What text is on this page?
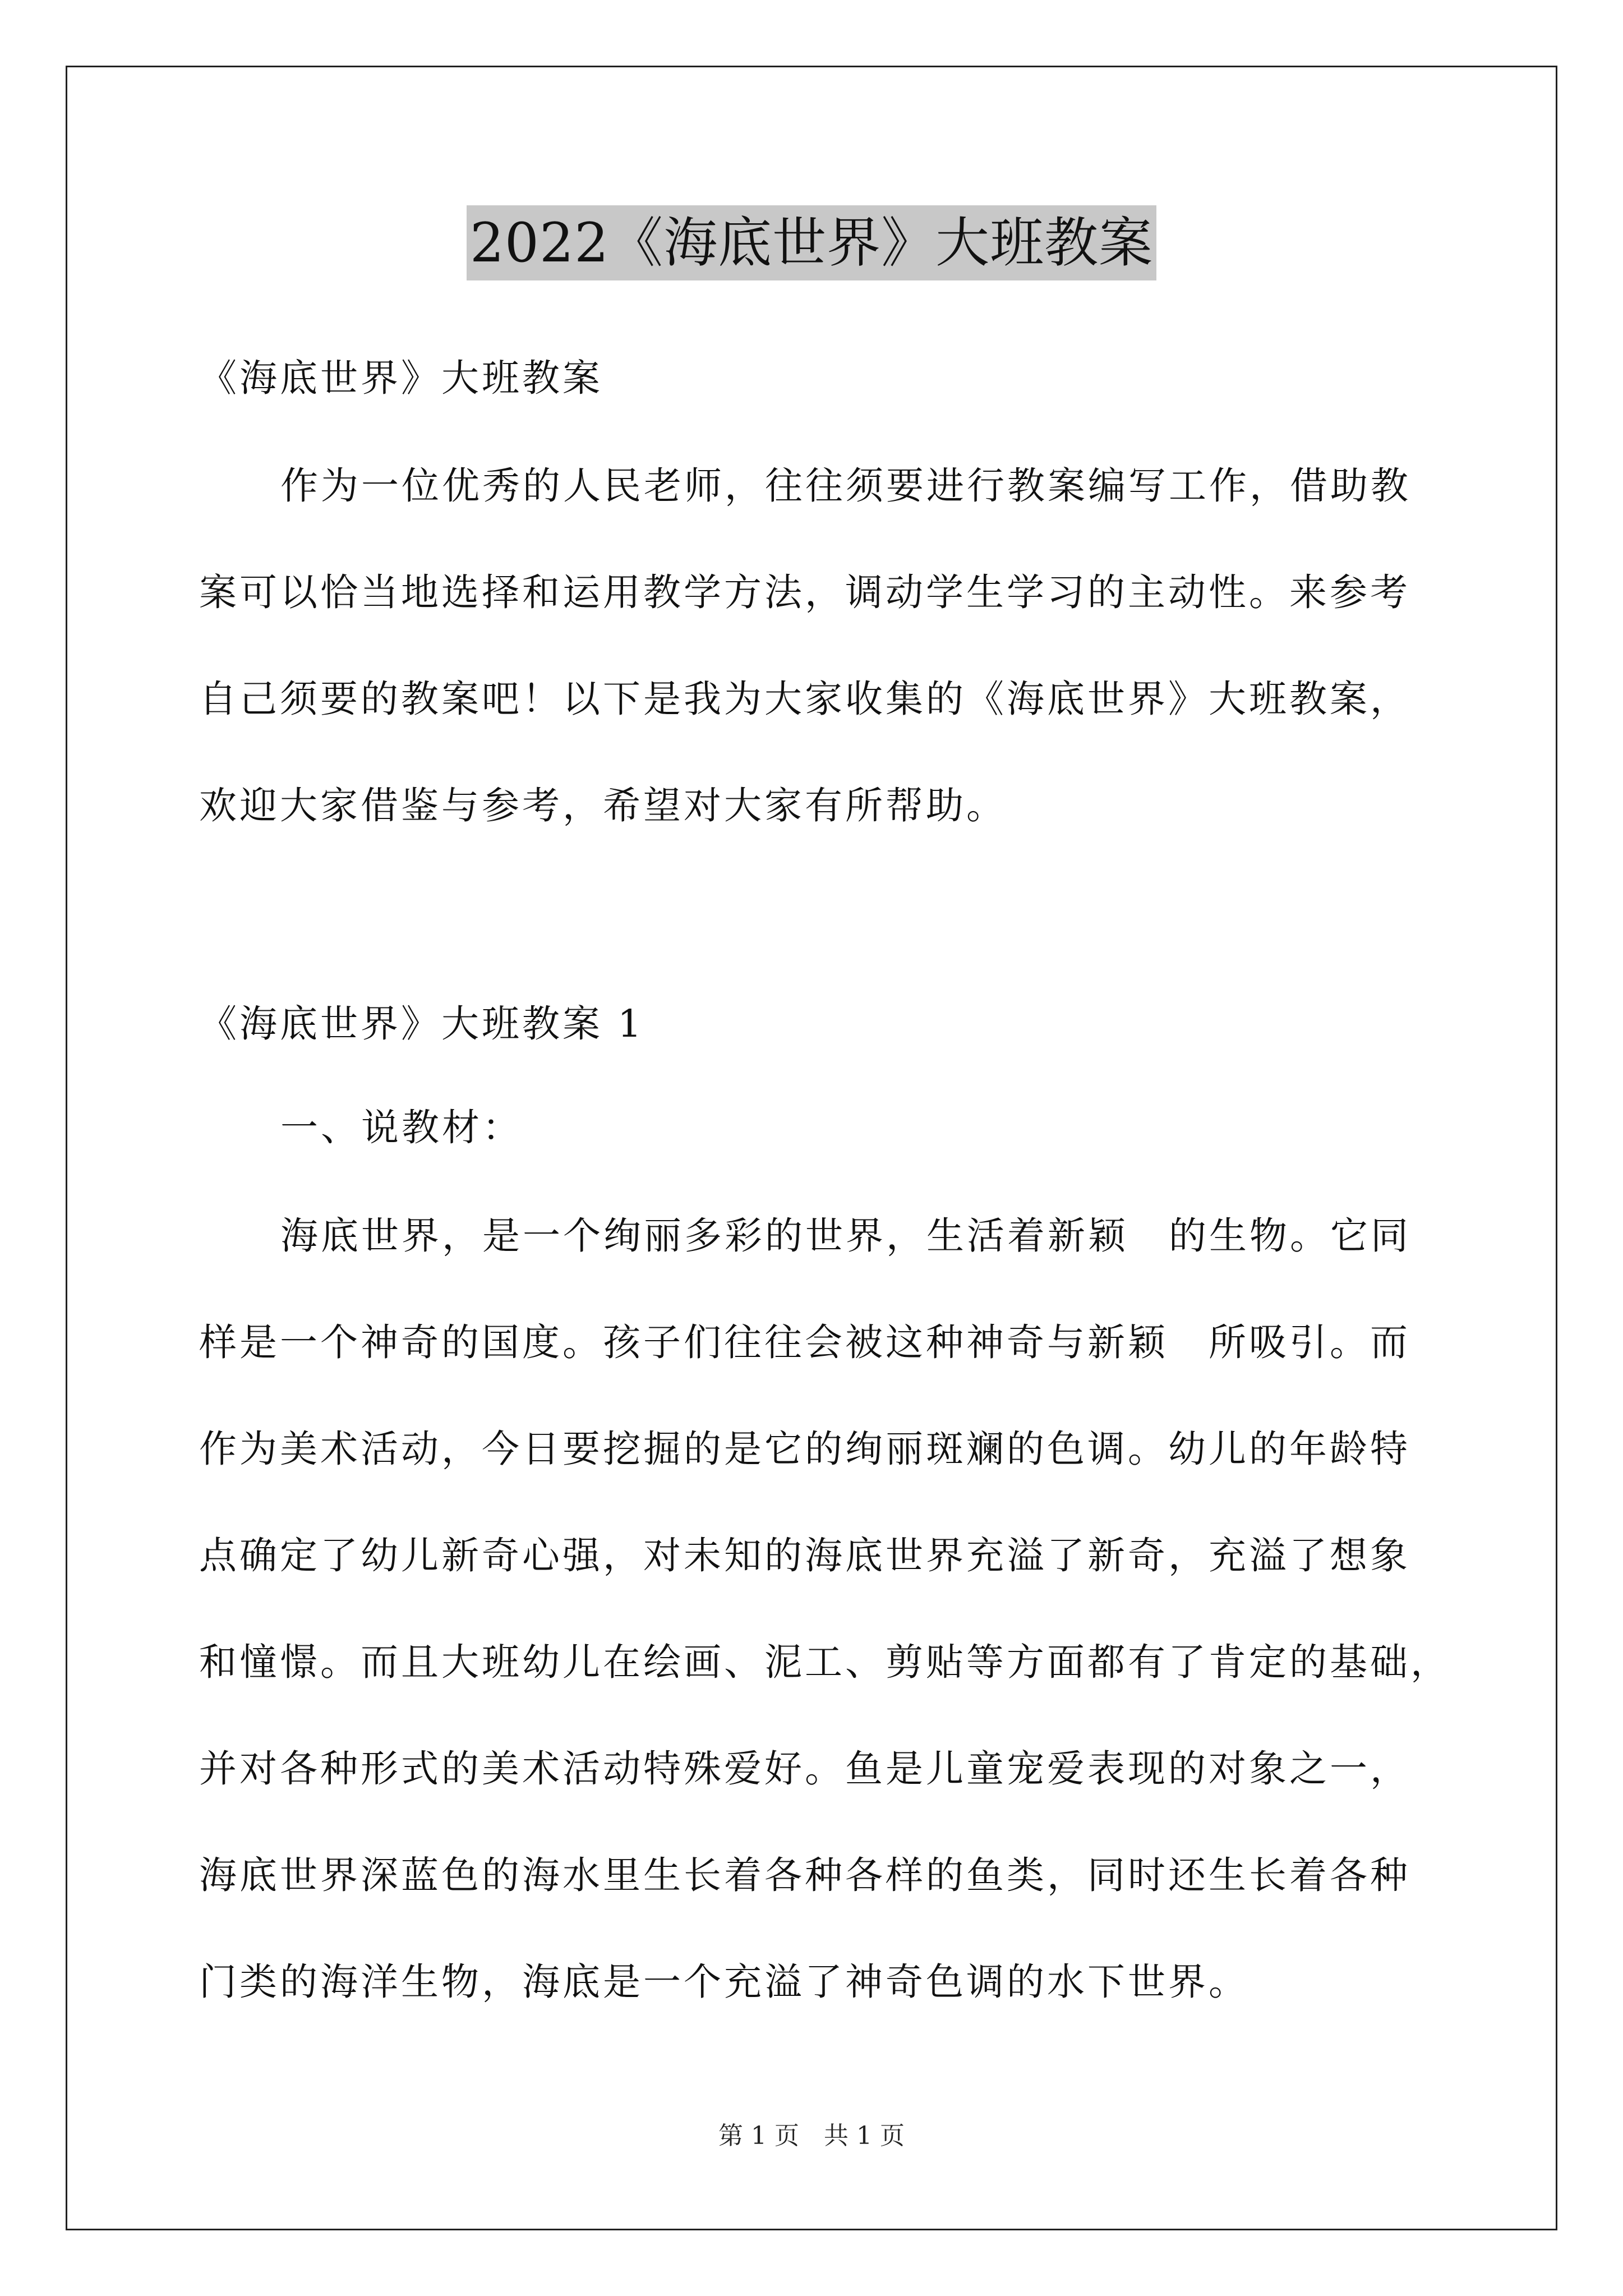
2022《海底世界》大班教案
《海底世界》大班教案
作为一位优秀的人民老师，往往须要进行教案编写工作，借助教
案可以恰当地选择和运用教学方法，调动学生学习的主动性。来参考
自己须要的教案吧！以下是我为大家收集的《海底世界》大班教案，
欢迎大家借鉴与参考，希望对大家有所帮助。
《海底世界》大班教案 1
一、说教材：
海底世界，是一个绚丽多彩的世界，生活着新颖　的生物。它同
样是一个神奇的国度。孩子们往往会被这种神奇与新颖　所吸引。而
作为美术活动，今日要挖掘的是它的绚丽斑斓的色调。幼儿的年龄特
点确定了幼儿新奇心强，对未知的海底世界充溢了新奇，充溢了想象
和憧憬。而且大班幼儿在绘画、泥工、剪贴等方面都有了肯定的基础，
并对各种形式的美术活动特殊爱好。鱼是儿童宠爱表现的对象之一，
海底世界深蓝色的海水里生长着各种各样的鱼类，同时还生长着各种
门类的海洋生物，海底是一个充溢了神奇色调的水下世界。
第 1 页　共 1 页
